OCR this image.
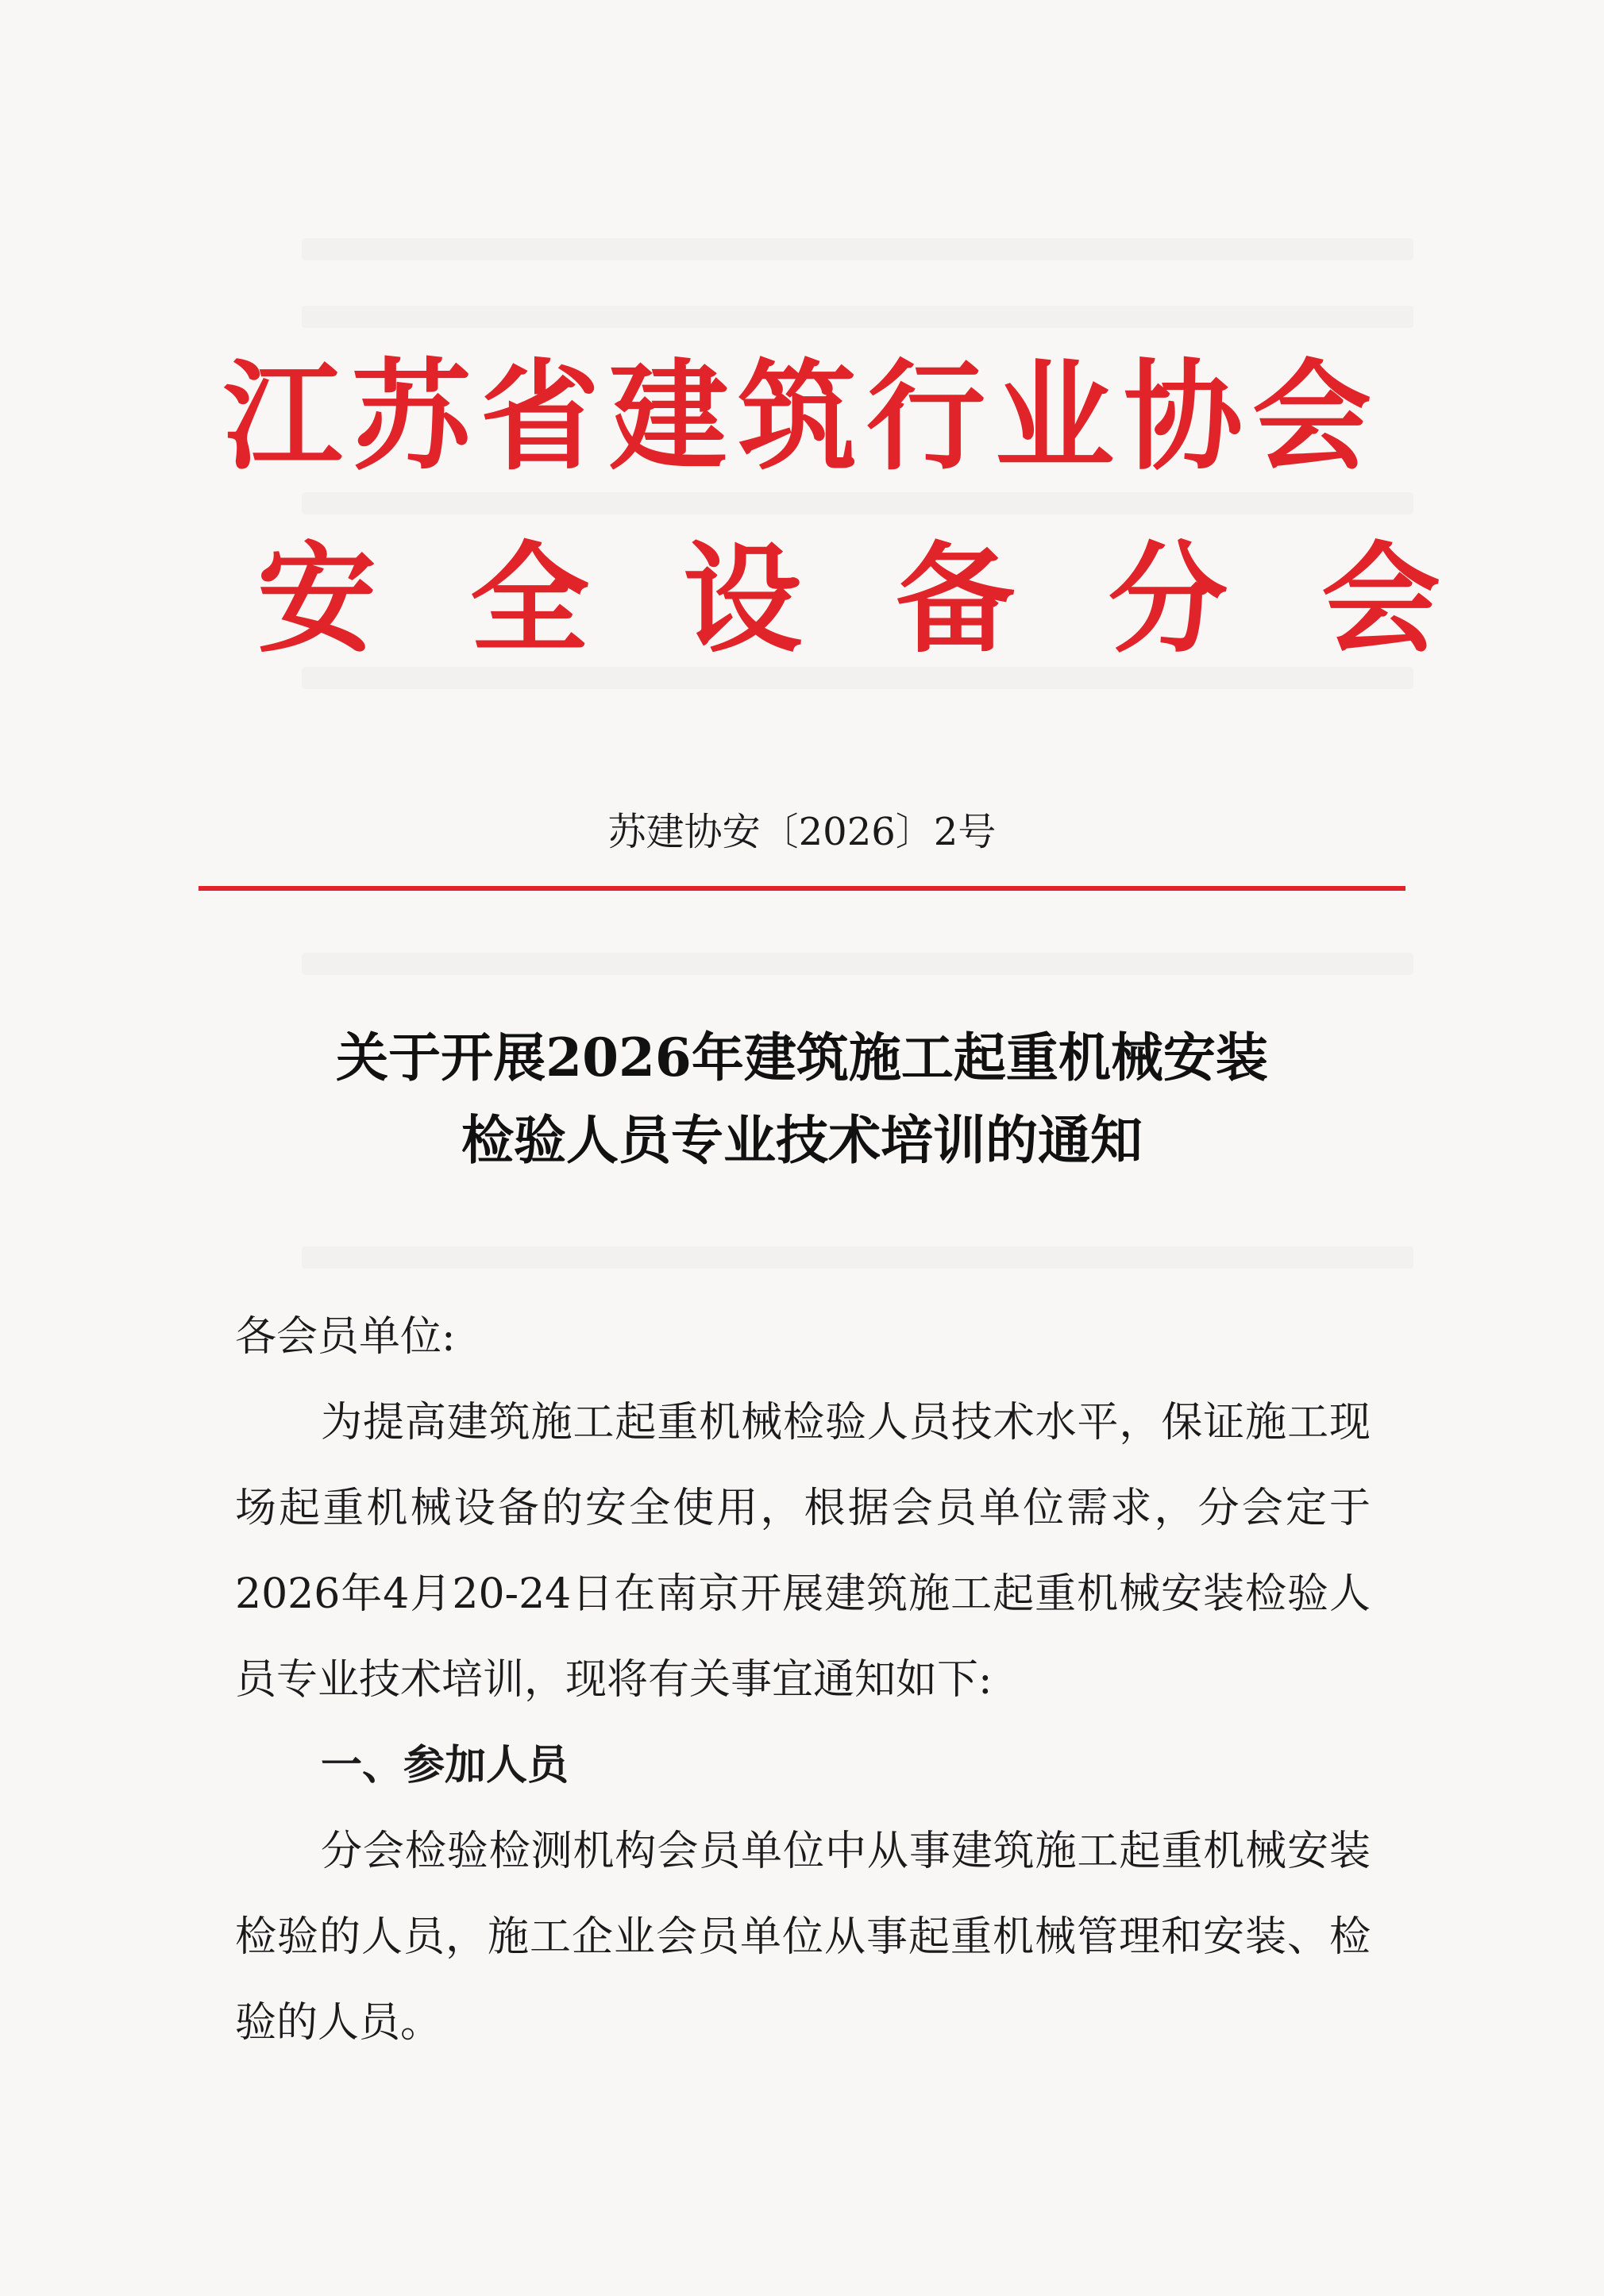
江苏省建筑行业协会
安全设备分会
苏建协安〔2026〕2号
关于开展2026年建筑施工起重机械安装
检验人员专业技术培训的通知
各会员单位:
为提高建筑施工起重机械检验人员技术水平，保证施工现场起重机械设备的安全使用，根据会员单位需求，分会定于2026年4月20-24日在南京开展建筑施工起重机械安装检验人员专业技术培训，现将有关事宜通知如下:
一、参加人员
分会检验检测机构会员单位中从事建筑施工起重机械安装检验的人员，施工企业会员单位从事起重机械管理和安装、检验的人员。
